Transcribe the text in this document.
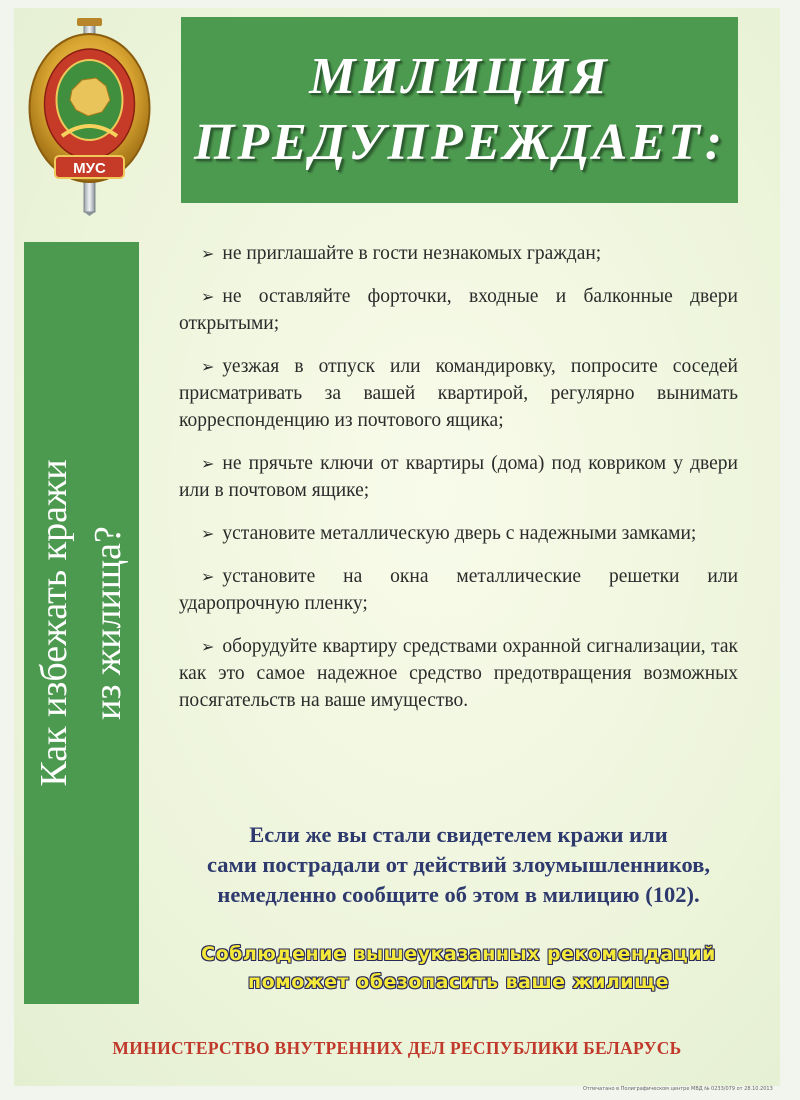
МУС
МИЛИЦИЯ
ПРЕДУПРЕЖДАЕТ:
Как избежать кражи из жилища?
➢ не приглашайте в гости незнакомых граждан;
➢ не оставляйте форточки, входные и балконные двери открытыми;
➢ уезжая в отпуск или командировку, попросите соседей присматривать за вашей квартирой, регулярно вынимать корреспонденцию из почтового ящика;
➢ не прячьте ключи от квартиры (дома) под ковриком у двери или в почтовом ящике;
➢ установите металлическую дверь с надежными замками;
➢ установите на окна металлические решетки или ударопрочную пленку;
➢ оборудуйте квартиру средствами охранной сигнализации, так как это самое надежное средство предотвращения возможных посягательств на ваше имущество.
Если же вы стали свидетелем кражи или
сами пострадали от действий злоумышленников,
немедленно сообщите об этом в милицию (102).
Соблюдение вышеуказанных рекомендаций
поможет обезопасить ваше жилище
МИНИСТЕРСТВО ВНУТРЕННИХ ДЕЛ РЕСПУБЛИКИ БЕЛАРУСЬ
Отпечатано в Полиграфическом центре МВД № 0233/079 от 28.10.2013
